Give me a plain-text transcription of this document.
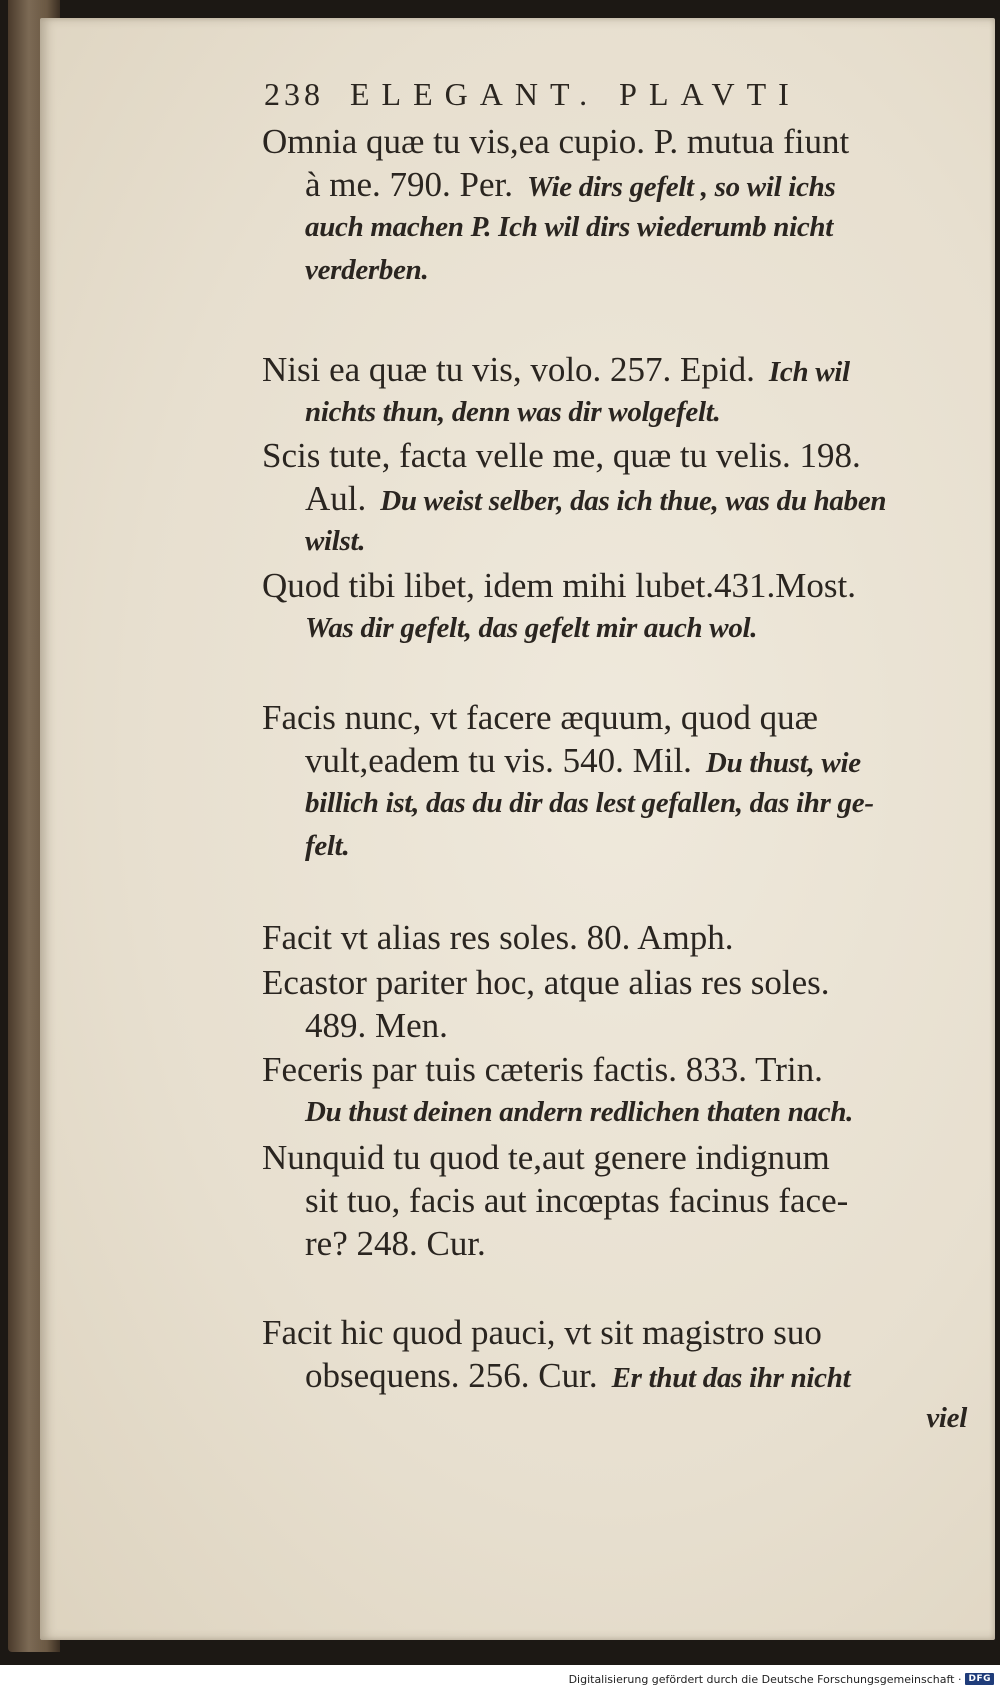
238 ELEGANT. PLAVTI
Omnia quæ tu vis,ea cupio. P. mutua fiunt
à me. 790. Per. Wie dirs gefelt , so wil ichs
auch machen P. Ich wil dirs wiederumb nicht
verderben.
Nisi ea quæ tu vis, volo. 257. Epid. Ich wil
nichts thun, denn was dir wolgefelt.
Scis tute, facta velle me, quæ tu velis. 198.
Aul. Du weist selber, das ich thue, was du haben
wilst.
Quod tibi libet, idem mihi lubet.431.Most.
Was dir gefelt, das gefelt mir auch wol.
Facis nunc, vt facere æquum, quod quæ
vult,eadem tu vis. 540. Mil. Du thust, wie
billich ist, das du dir das lest gefallen, das ihr ge-
felt.
Facit vt alias res soles. 80. Amph.
Ecastor pariter hoc, atque alias res soles.
489. Men.
Feceris par tuis cæteris factis. 833. Trin.
Du thust deinen andern redlichen thaten nach.
Nunquid tu quod te,aut genere indignum
sit tuo, facis aut incœptas facinus face-
re? 248. Cur.
Facit hic quod pauci, vt sit magistro suo
obsequens. 256. Cur. Er thut das ihr nicht
viel
Digitalisierung gefördert durch die Deutsche Forschungsgemeinschaft · DFG
